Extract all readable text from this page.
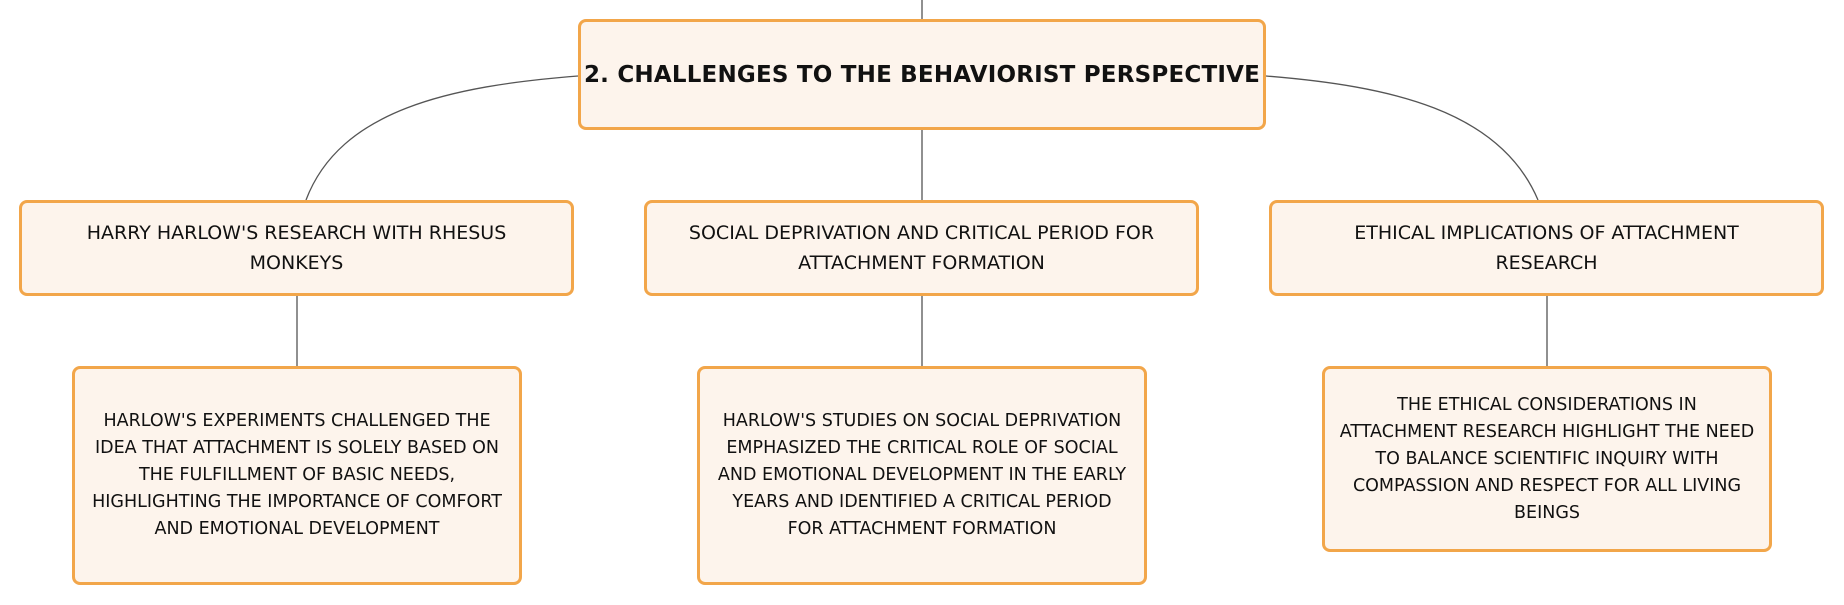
2. CHALLENGES TO THE BEHAVIORIST PERSPECTIVE
HARRY HARLOW'S RESEARCH WITH RHESUS MONKEYS
SOCIAL DEPRIVATION AND CRITICAL PERIOD FOR ATTACHMENT FORMATION
ETHICAL IMPLICATIONS OF ATTACHMENT RESEARCH
HARLOW'S EXPERIMENTS CHALLENGED THE IDEA THAT ATTACHMENT IS SOLELY BASED ON THE FULFILLMENT OF BASIC NEEDS, HIGHLIGHTING THE IMPORTANCE OF COMFORT AND EMOTIONAL DEVELOPMENT
HARLOW'S STUDIES ON SOCIAL DEPRIVATION EMPHASIZED THE CRITICAL ROLE OF SOCIAL AND EMOTIONAL DEVELOPMENT IN THE EARLY YEARS AND IDENTIFIED A CRITICAL PERIOD FOR ATTACHMENT FORMATION
THE ETHICAL CONSIDERATIONS IN ATTACHMENT RESEARCH HIGHLIGHT THE NEED TO BALANCE SCIENTIFIC INQUIRY WITH COMPASSION AND RESPECT FOR ALL LIVING BEINGS
